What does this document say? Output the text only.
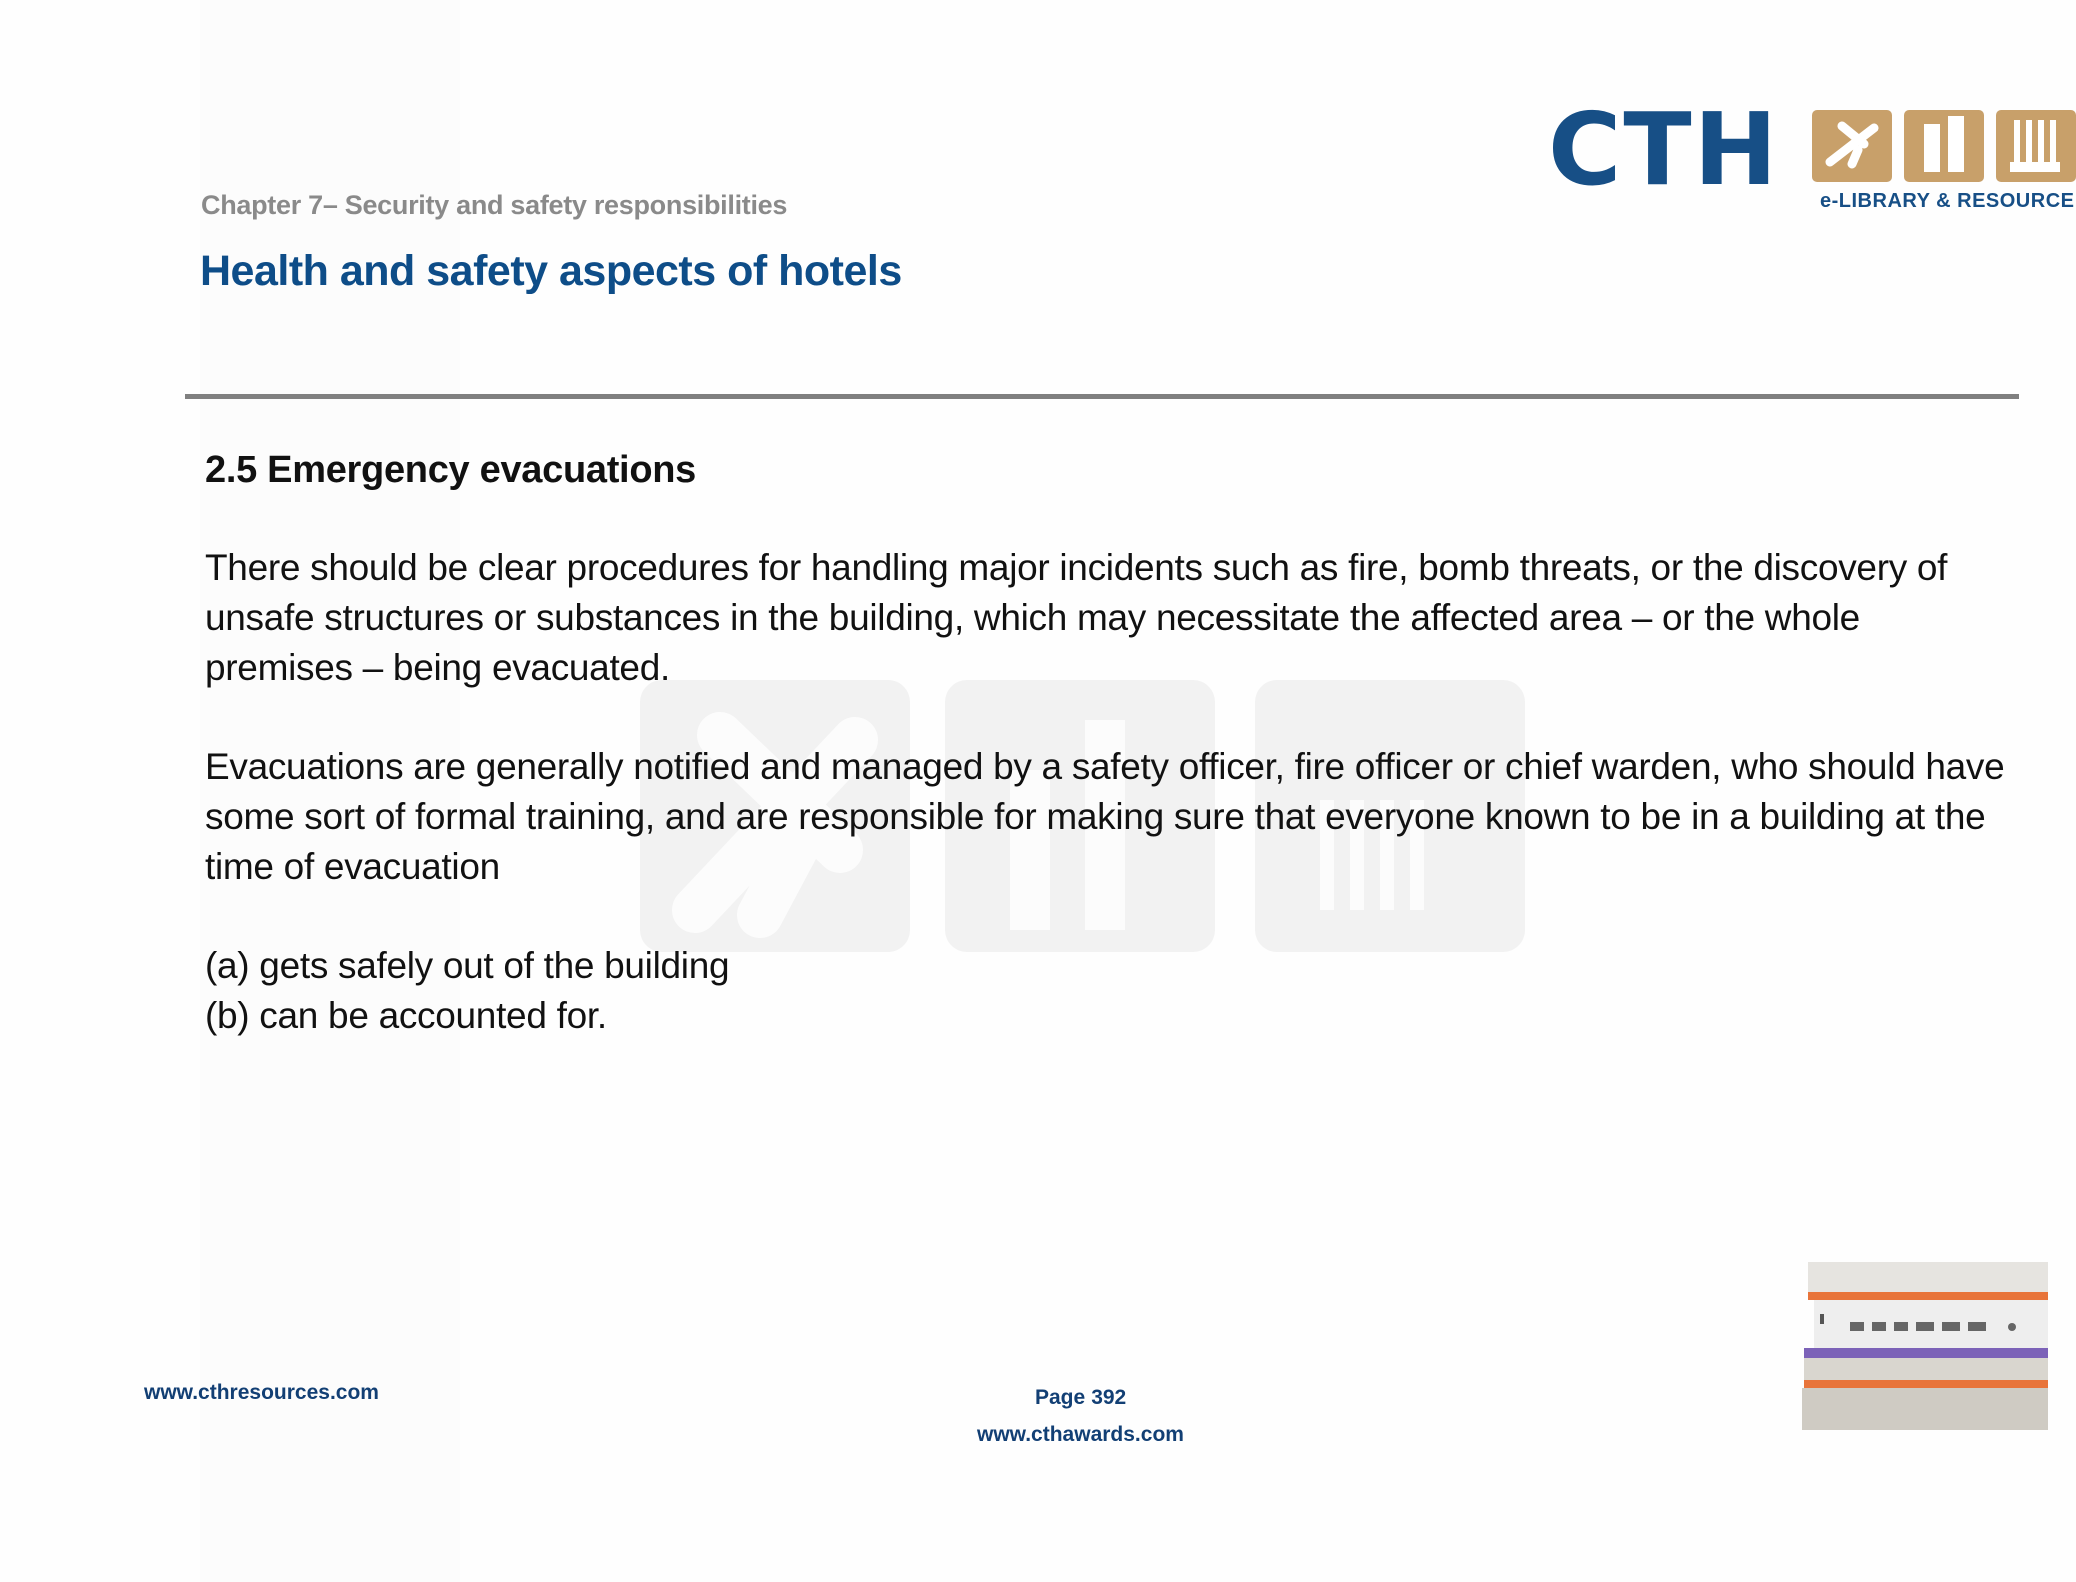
Chapter 7– Security and safety responsibilities
Health and safety aspects of hotels
CTH e-LIBRARY & RESOURCE
2.5 Emergency evacuations
There should be clear procedures for handling major incidents such as fire, bomb threats, or the discovery of unsafe structures or substances in the building, which may necessitate the affected area – or the whole premises – being evacuated.
Evacuations are generally notified and managed by a safety officer, fire officer or chief warden, who should have some sort of formal training, and are responsible for making sure that everyone known to be in a building at the time of evacuation
(a) gets safely out of the building
(b) can be accounted for.
www.cthresources.com	Page 392
www.cthawards.com
